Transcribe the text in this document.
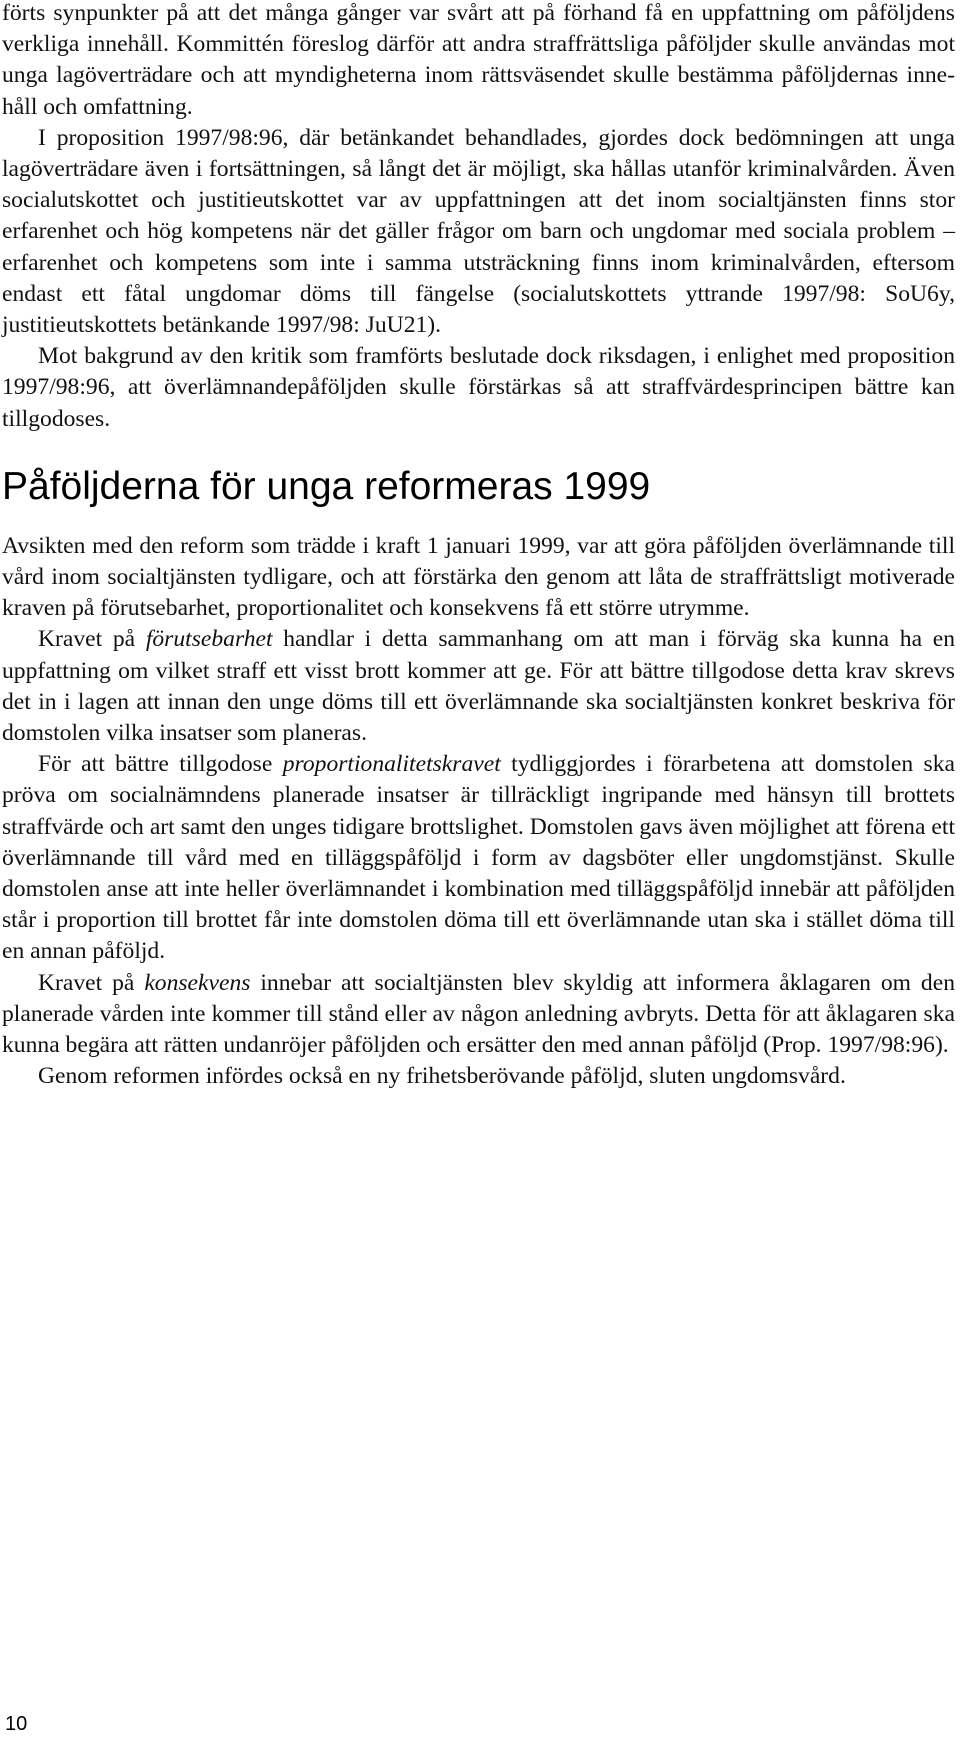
förts synpunkter på att det många gånger var svårt att på förhand få en uppfattning om påföljdens verkliga innehåll. Kommittén föreslog därför att andra straffrättsliga påföljder skulle användas mot unga lagöverträdare och att myndigheterna inom rättsväsendet skulle bestämma påföljdernas innehåll och omfattning.

I proposition 1997/98:96, där betänkandet behandlades, gjordes dock bedömningen att unga lagöverträdare även i fortsättningen, så långt det är möjligt, ska hållas utanför kriminalvården. Även socialutskottet och justitieutskottet var av uppfattningen att det inom socialtjänsten finns stor erfarenhet och hög kompetens när det gäller frågor om barn och ungdomar med sociala problem – erfarenhet och kompetens som inte i samma utsträckning finns inom kriminalvården, eftersom endast ett fåtal ungdomar döms till fängelse (socialutskottets yttrande 1997/98: SoU6y, justitieutskottets betänkande 1997/98: JuU21).

Mot bakgrund av den kritik som framförts beslutade dock riksdagen, i enlighet med proposition 1997/98:96, att överlämnandepåföljden skulle förstärkas så att straffvärdesprincipen bättre kan tillgodoses.

Påföljderna för unga reformeras 1999

Avsikten med den reform som trädde i kraft 1 januari 1999, var att göra påföljden överlämnande till vård inom socialtjänsten tydligare, och att förstärka den genom att låta de straffrättsligt motiverade kraven på förutsebarhet, proportionalitet och konsekvens få ett större utrymme.

Kravet på förutsebarhet handlar i detta sammanhang om att man i förväg ska kunna ha en uppfattning om vilket straff ett visst brott kommer att ge. För att bättre tillgodose detta krav skrevs det in i lagen att innan den unge döms till ett överlämnande ska socialtjänsten konkret beskriva för domstolen vilka insatser som planeras.

För att bättre tillgodose proportionalitetskravet tydliggjordes i förarbetena att domstolen ska pröva om socialnämndens planerade insatser är tillräckligt ingripande med hänsyn till brottets straffvärde och art samt den unges tidigare brottslighet. Domstolen gavs även möjlighet att förena ett överlämnande till vård med en tilläggspåföljd i form av dagsböter eller ungdomstjänst. Skulle domstolen anse att inte heller överlämnandet i kombination med tilläggspåföljd innebär att påföljden står i proportion till brottet får inte domstolen döma till ett överlämnande utan ska i stället döma till en annan påföljd.

Kravet på konsekvens innebar att socialtjänsten blev skyldig att informera åklagaren om den planerade vården inte kommer till stånd eller av någon anledning avbryts. Detta för att åklagaren ska kunna begära att rätten undanröjer påföljden och ersätter den med annan påföljd (Prop. 1997/98:96).

Genom reformen infördes också en ny frihetsberövande påföljd, sluten ungdomsvård.

10
